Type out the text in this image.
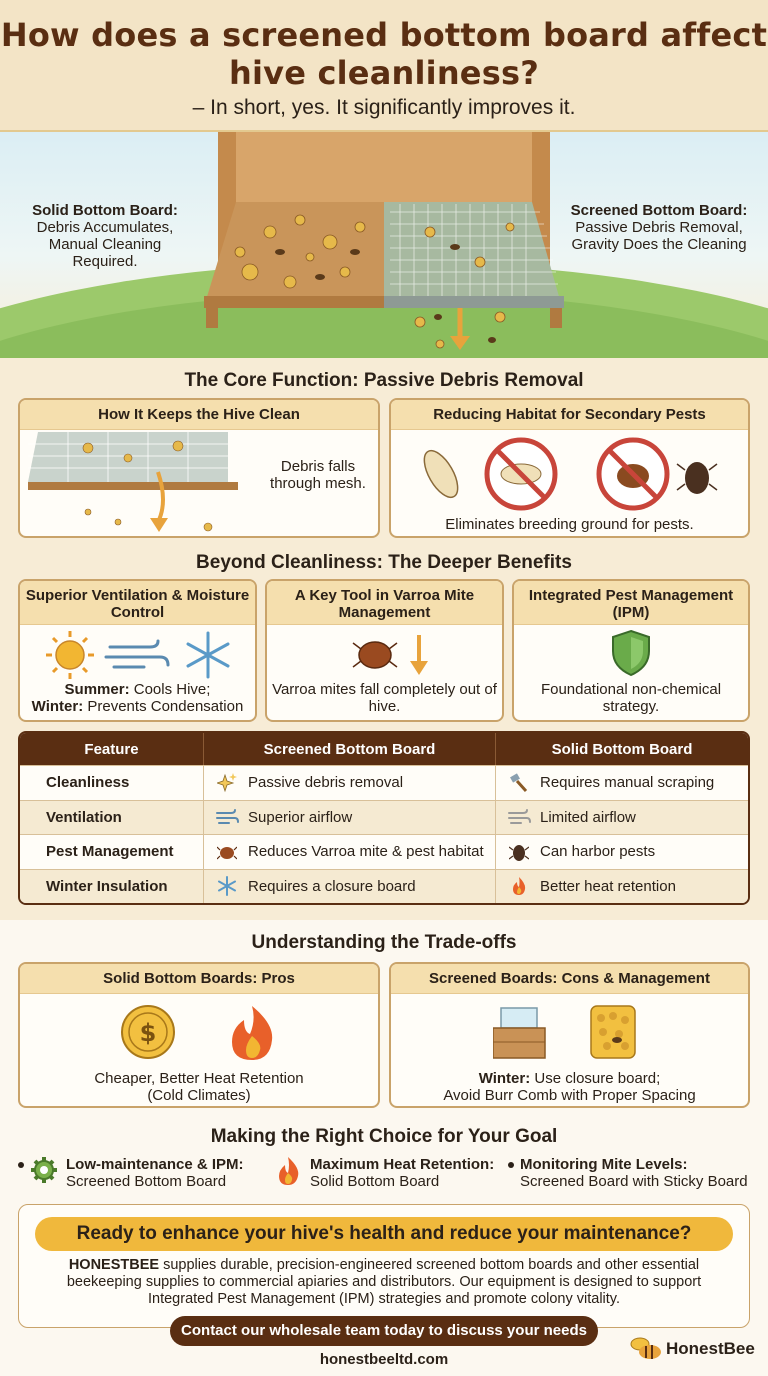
How does a screened bottom board affect hive cleanliness?
– In short, yes. It significantly improves it.
Solid Bottom Board:
Debris Accumulates, Manual Cleaning Required.
Screened Bottom Board:
Passive Debris Removal, Gravity Does the Cleaning
The Core Function: Passive Debris Removal
How It Keeps the Hive Clean
Debris falls through mesh.
Reducing Habitat for Secondary Pests
Eliminates breeding ground for pests.
Beyond Cleanliness: The Deeper Benefits
Superior Ventilation & Moisture Control
Summer: Cools Hive;
Winter: Prevents Condensation
A Key Tool in Varroa Mite Management
Varroa mites fall completely out of hive.
Integrated Pest Management (IPM)
Foundational non-chemical strategy.
Feature	Screened Bottom Board	Solid Bottom Board
Cleanliness	Passive debris removal	Requires manual scraping
Ventilation	Superior airflow	Limited airflow
Pest Management	Reduces Varroa mite & pest habitat	Can harbor pests
Winter Insulation	Requires a closure board	Better heat retention
Understanding the Trade-offs
Solid Bottom Boards: Pros
$
Cheaper, Better Heat Retention
(Cold Climates)
Screened Boards: Cons & Management
Winter: Use closure board;
Avoid Burr Comb with Proper Spacing
Making the Right Choice for Your Goal
Low-maintenance & IPM:
Screened Bottom Board
Maximum Heat Retention:
Solid Bottom Board
Monitoring Mite Levels:
Screened Board with Sticky Board
Ready to enhance your hive's health and reduce your maintenance?
HONESTBEE supplies durable, precision-engineered screened bottom boards and other essential beekeeping supplies to commercial apiaries and distributors. Our equipment is designed to support Integrated Pest Management (IPM) strategies and promote colony vitality.
Contact our wholesale team today to discuss your needs
honestbeeltd.com
HonestBee
